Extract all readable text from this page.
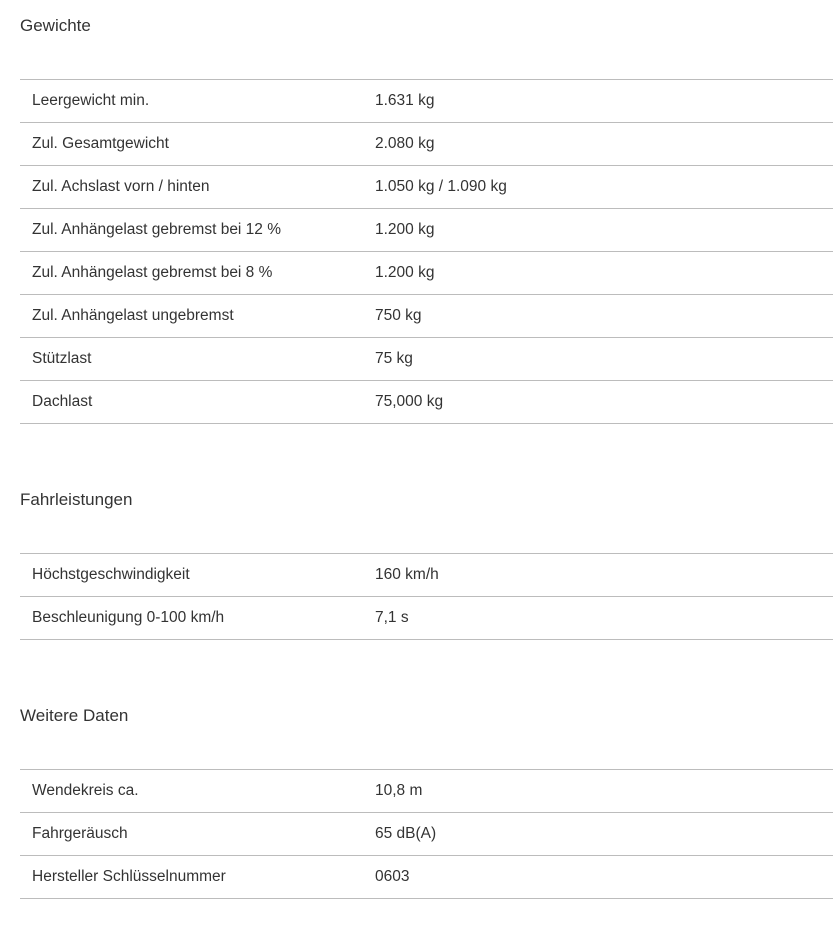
Gewichte
Leergewicht min.	1.631 kg
Zul. Gesamtgewicht	2.080 kg
Zul. Achslast vorn / hinten	1.050 kg / 1.090 kg
Zul. Anhängelast gebremst bei 12 %	1.200 kg
Zul. Anhängelast gebremst bei 8 %	1.200 kg
Zul. Anhängelast ungebremst	750 kg
Stützlast	75 kg
Dachlast	75,000 kg
Fahrleistungen
Höchstgeschwindigkeit	160 km/h
Beschleunigung 0-100 km/h	7,1 s
Weitere Daten
Wendekreis ca.	10,8 m
Fahrgeräusch	65 dB(A)
Hersteller Schlüsselnummer	0603
